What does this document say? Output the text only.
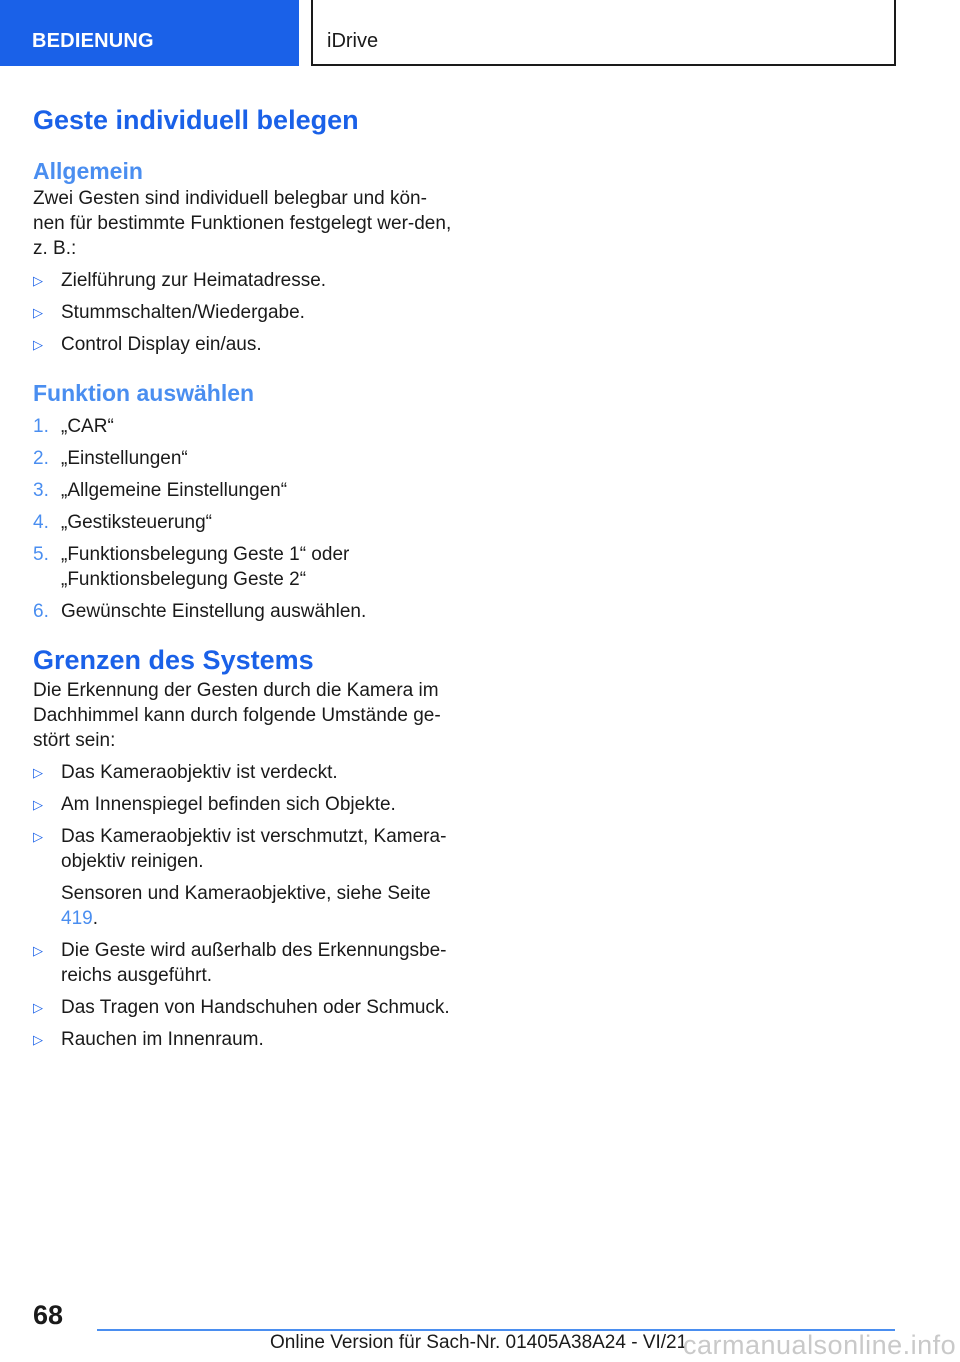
BEDIENUNG	iDrive
Geste individuell belegen
Allgemein

Zwei Gesten sind individuell belegbar und kön-nen für bestimmte Funktionen festgelegt wer-den, z. B.:

▷ Zielführung zur Heimatadresse.
▷ Stummschalten/Wiedergabe.
▷ Control Display ein/aus.
Funktion auswählen
1. „CAR“
2. „Einstellungen“
3. „Allgemeine Einstellungen“
4. „Gestiksteuerung“
5. „Funktionsbelegung Geste 1“ oder „Funktionsbelegung Geste 2“
6. Gewünschte Einstellung auswählen.
Grenzen des Systems

Die Erkennung der Gesten durch die Kamera im Dachhimmel kann durch folgende Umstände ge-stört sein:

▷ Das Kameraobjektiv ist verdeckt.
▷ Am Innenspiegel befinden sich Objekte.
▷ Das Kameraobjektiv ist verschmutzt, Kamera-objektiv reinigen.
Sensoren und Kameraobjektive, siehe Seite 419.
▷ Die Geste wird außerhalb des Erkennungsbe-reichs ausgeführt.
▷ Das Tragen von Handschuhen oder Schmuck.
▷ Rauchen im Innenraum.
68
Online Version für Sach-Nr. 01405A38A24 - VI/21
carmanualsonline.info
